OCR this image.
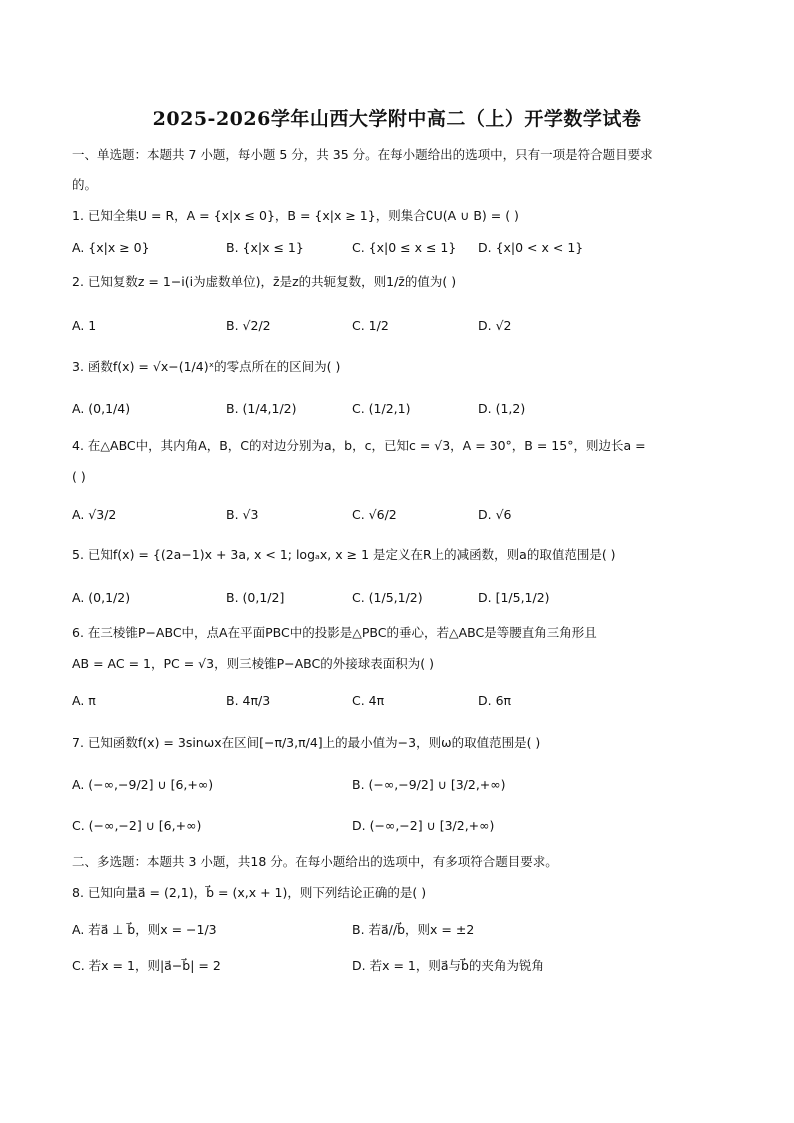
2025-2026学年山西大学附中高二（上）开学数学试卷
一、单选题：本题共 7 小题，每小题 5 分，共 35 分。在每小题给出的选项中，只有一项是符合题目要求
的。
1. 已知全集U = R，A = {x|x ≤ 0}，B = {x|x ≥ 1}，则集合∁U(A ∪ B) = ( )
A. {x|x ≥ 0}	B. {x|x ≤ 1}	C. {x|0 ≤ x ≤ 1} D. {x|0 < x < 1}
2. 已知复数z = 1−i(i为虚数单位)，z̄是z的共轭复数，则1/z̄的值为( )
A. 1	B. √2/2	C. 1/2	D. √2
3. 函数f(x) = √x−(1/4)ˣ的零点所在的区间为( )
A. (0,1/4)	B. (1/4,1/2)	C. (1/2,1)	D. (1,2)
4. 在△ABC中，其内角A，B，C的对边分别为a，b，c，已知c = √3，A = 30°，B = 15°，则边长a =
( )
A. √3/2	B. √3	C. √6/2	D. √6
5. 已知f(x) = {(2a−1)x + 3a, x < 1; logₐx, x ≥ 1 是定义在R上的减函数，则a的取值范围是( )
A. (0,1/2)	B. (0,1/2]	C. (1/5,1/2)	D. [1/5,1/2)
6. 在三棱锥P−ABC中，点A在平面PBC中的投影是△PBC的垂心，若△ABC是等腰直角三角形且
AB = AC = 1，PC = √3，则三棱锥P−ABC的外接球表面积为( )
A. π	B. 4π/3	C. 4π	D. 6π
7. 已知函数f(x) = 3sinωx在区间[−π/3,π/4]上的最小值为−3，则ω的取值范围是( )
A. (−∞,−9/2] ∪ [6,+∞)	B. (−∞,−9/2] ∪ [3/2,+∞)
C. (−∞,−2] ∪ [6,+∞)	D. (−∞,−2] ∪ [3/2,+∞)
二、多选题：本题共 3 小题，共18 分。在每小题给出的选项中，有多项符合题目要求。
8. 已知向量a⃗ = (2,1)，b⃗ = (x,x + 1)，则下列结论正确的是( )
A. 若a⃗ ⊥ b⃗，则x = −1/3	B. 若a⃗//b⃗，则x = ±2
C. 若x = 1，则|a⃗−b⃗| = 2	D. 若x = 1，则a⃗与b⃗的夹角为锐角
